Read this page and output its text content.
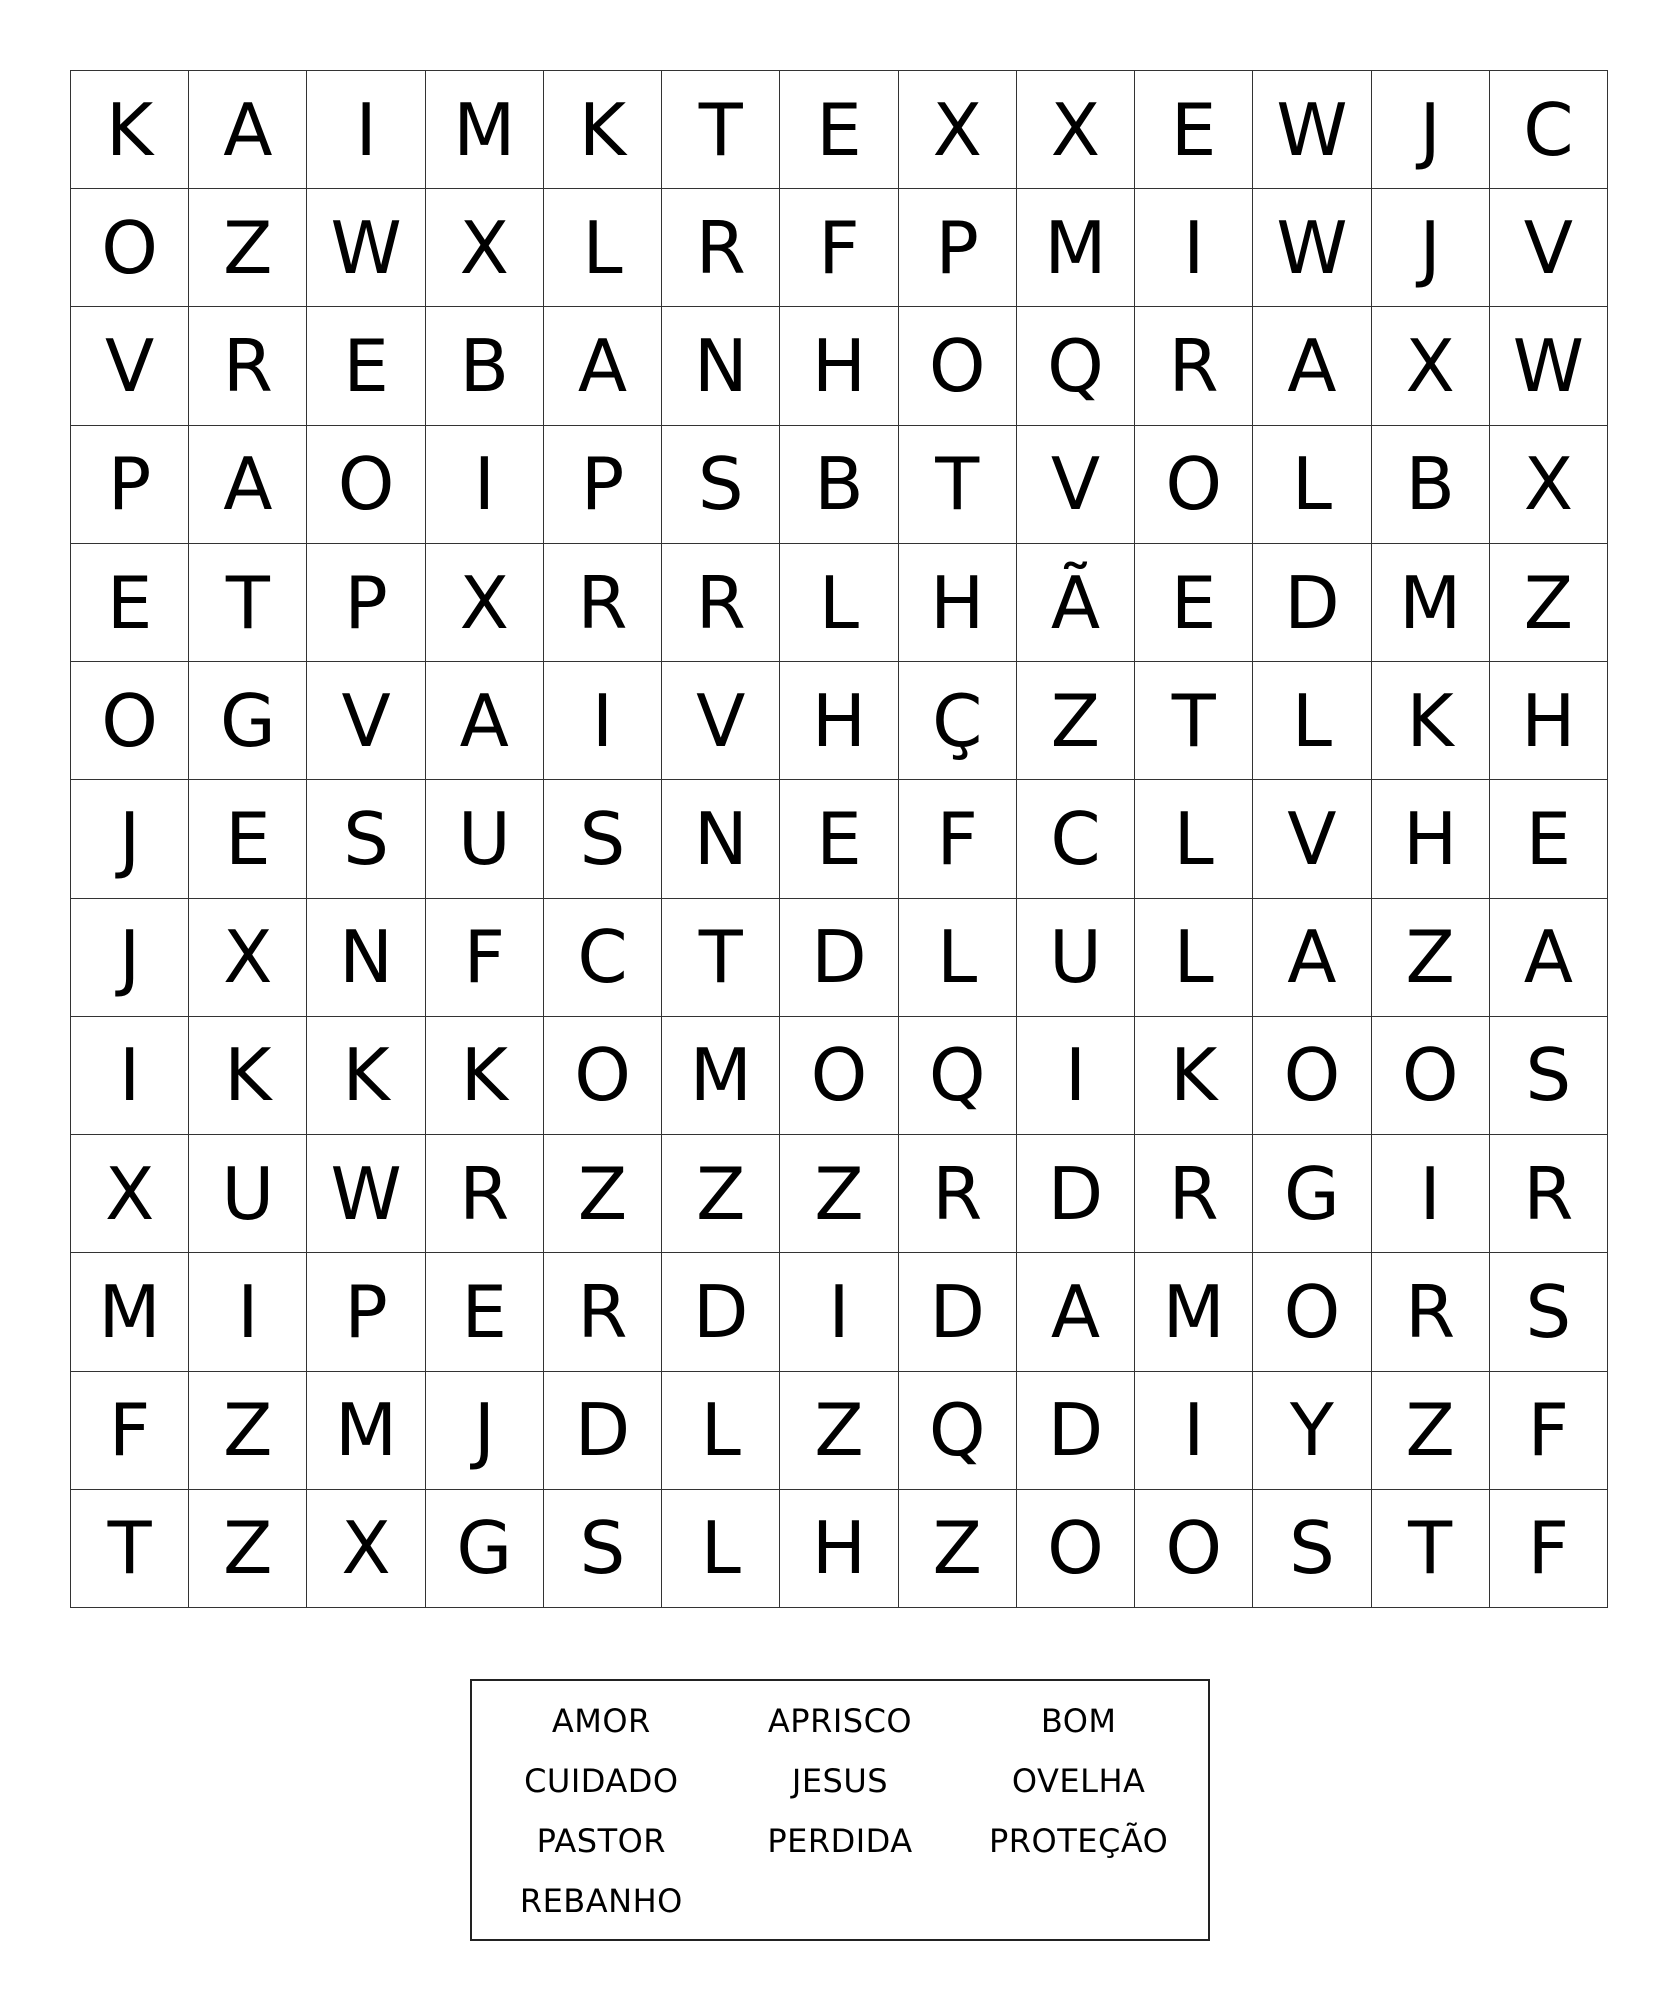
K A	I	M K	T	E X X E W	J	C
O Z W X	L	R	F	P M	I	W	J	V
V R E B A N H O Q R A X W
P A O	I	P	S B T V O L	B X
E	T	P X R R	L H Ã E D M Z
O G V A	I	V H Ç Z T	L	K H
J	E	S U S N E	F	C	L	V H E
J	X N F	C T D L U L	A Z A
I	K K K O M O Q	I	K O O S
X U W R Z Z Z R D R G	I	R
M	I	P	E R D	I	D A M O R S
F	Z M	J	D L	Z Q D	I	Y Z	F
T Z X G S	L H Z O O S	T	F
AMOR	APRISCO	BOM
CUIDADO	JESUS	OVELHA
PASTOR	PERDIDA	PROTEÇÃO
REBANHO
